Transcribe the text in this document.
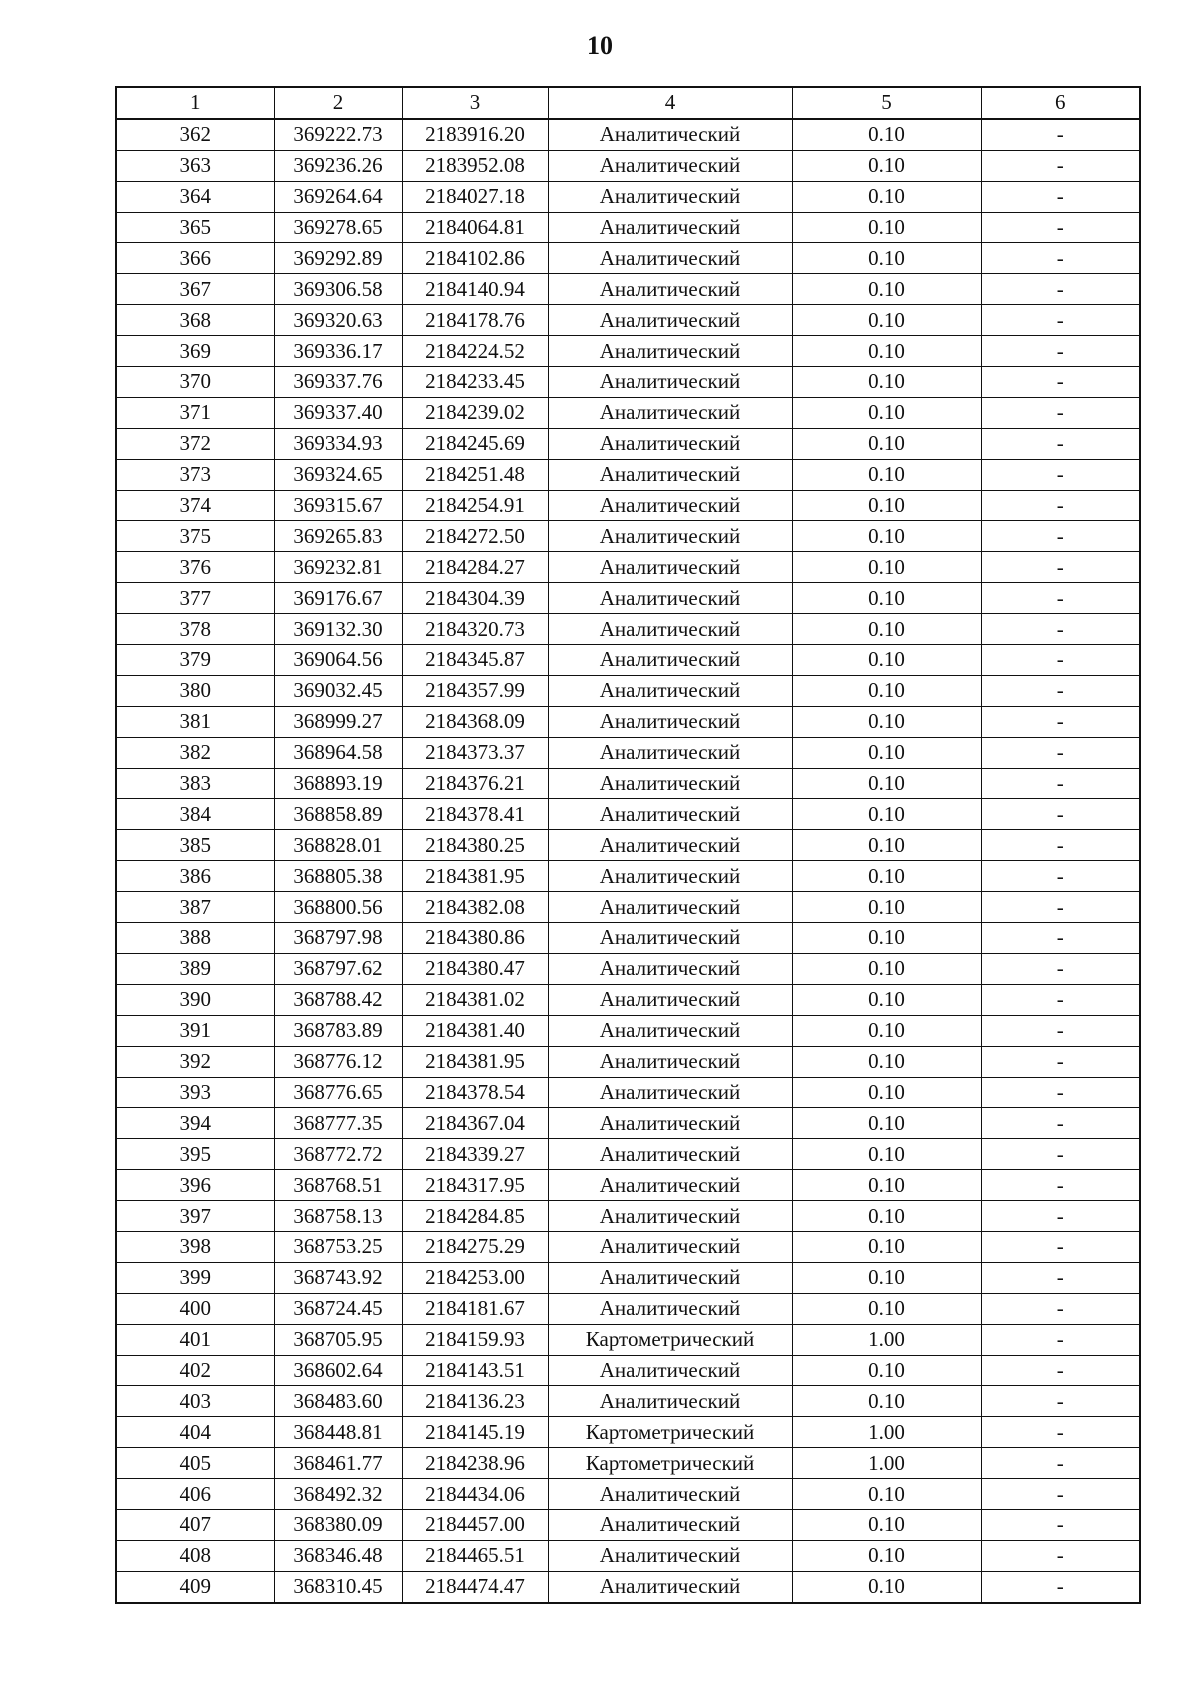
10
1	2	3	4	5	6
362	369222.73	2183916.20	Аналитический	0.10	-
363	369236.26	2183952.08	Аналитический	0.10	-
364	369264.64	2184027.18	Аналитический	0.10	-
365	369278.65	2184064.81	Аналитический	0.10	-
366	369292.89	2184102.86	Аналитический	0.10	-
367	369306.58	2184140.94	Аналитический	0.10	-
368	369320.63	2184178.76	Аналитический	0.10	-
369	369336.17	2184224.52	Аналитический	0.10	-
370	369337.76	2184233.45	Аналитический	0.10	-
371	369337.40	2184239.02	Аналитический	0.10	-
372	369334.93	2184245.69	Аналитический	0.10	-
373	369324.65	2184251.48	Аналитический	0.10	-
374	369315.67	2184254.91	Аналитический	0.10	-
375	369265.83	2184272.50	Аналитический	0.10	-
376	369232.81	2184284.27	Аналитический	0.10	-
377	369176.67	2184304.39	Аналитический	0.10	-
378	369132.30	2184320.73	Аналитический	0.10	-
379	369064.56	2184345.87	Аналитический	0.10	-
380	369032.45	2184357.99	Аналитический	0.10	-
381	368999.27	2184368.09	Аналитический	0.10	-
382	368964.58	2184373.37	Аналитический	0.10	-
383	368893.19	2184376.21	Аналитический	0.10	-
384	368858.89	2184378.41	Аналитический	0.10	-
385	368828.01	2184380.25	Аналитический	0.10	-
386	368805.38	2184381.95	Аналитический	0.10	-
387	368800.56	2184382.08	Аналитический	0.10	-
388	368797.98	2184380.86	Аналитический	0.10	-
389	368797.62	2184380.47	Аналитический	0.10	-
390	368788.42	2184381.02	Аналитический	0.10	-
391	368783.89	2184381.40	Аналитический	0.10	-
392	368776.12	2184381.95	Аналитический	0.10	-
393	368776.65	2184378.54	Аналитический	0.10	-
394	368777.35	2184367.04	Аналитический	0.10	-
395	368772.72	2184339.27	Аналитический	0.10	-
396	368768.51	2184317.95	Аналитический	0.10	-
397	368758.13	2184284.85	Аналитический	0.10	-
398	368753.25	2184275.29	Аналитический	0.10	-
399	368743.92	2184253.00	Аналитический	0.10	-
400	368724.45	2184181.67	Аналитический	0.10	-
401	368705.95	2184159.93	Картометрический	1.00	-
402	368602.64	2184143.51	Аналитический	0.10	-
403	368483.60	2184136.23	Аналитический	0.10	-
404	368448.81	2184145.19	Картометрический	1.00	-
405	368461.77	2184238.96	Картометрический	1.00	-
406	368492.32	2184434.06	Аналитический	0.10	-
407	368380.09	2184457.00	Аналитический	0.10	-
408	368346.48	2184465.51	Аналитический	0.10	-
409	368310.45	2184474.47	Аналитический	0.10	-
